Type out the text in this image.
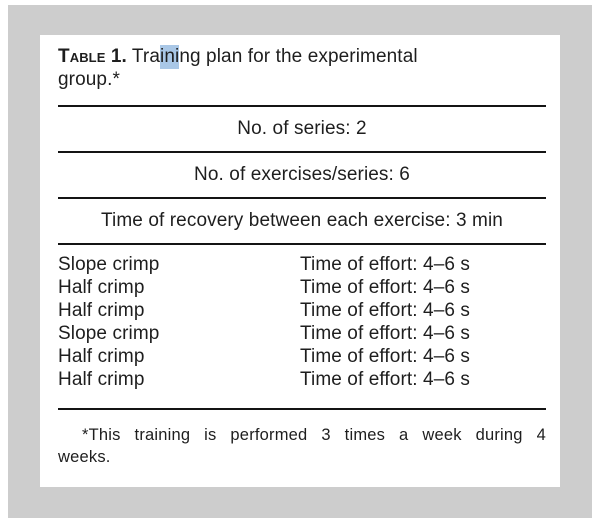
Table 1. Training plan for the experimental
group.*
No. of series: 2
No. of exercises/series: 6
Time of recovery between each exercise: 3 min
Slope crimp	Time of effort: 4–6 s
Half crimp	Time of effort: 4–6 s
Half crimp	Time of effort: 4–6 s
Slope crimp	Time of effort: 4–6 s
Half crimp	Time of effort: 4–6 s
Half crimp	Time of effort: 4–6 s
*This training is performed 3 times a week during 4
weeks.
